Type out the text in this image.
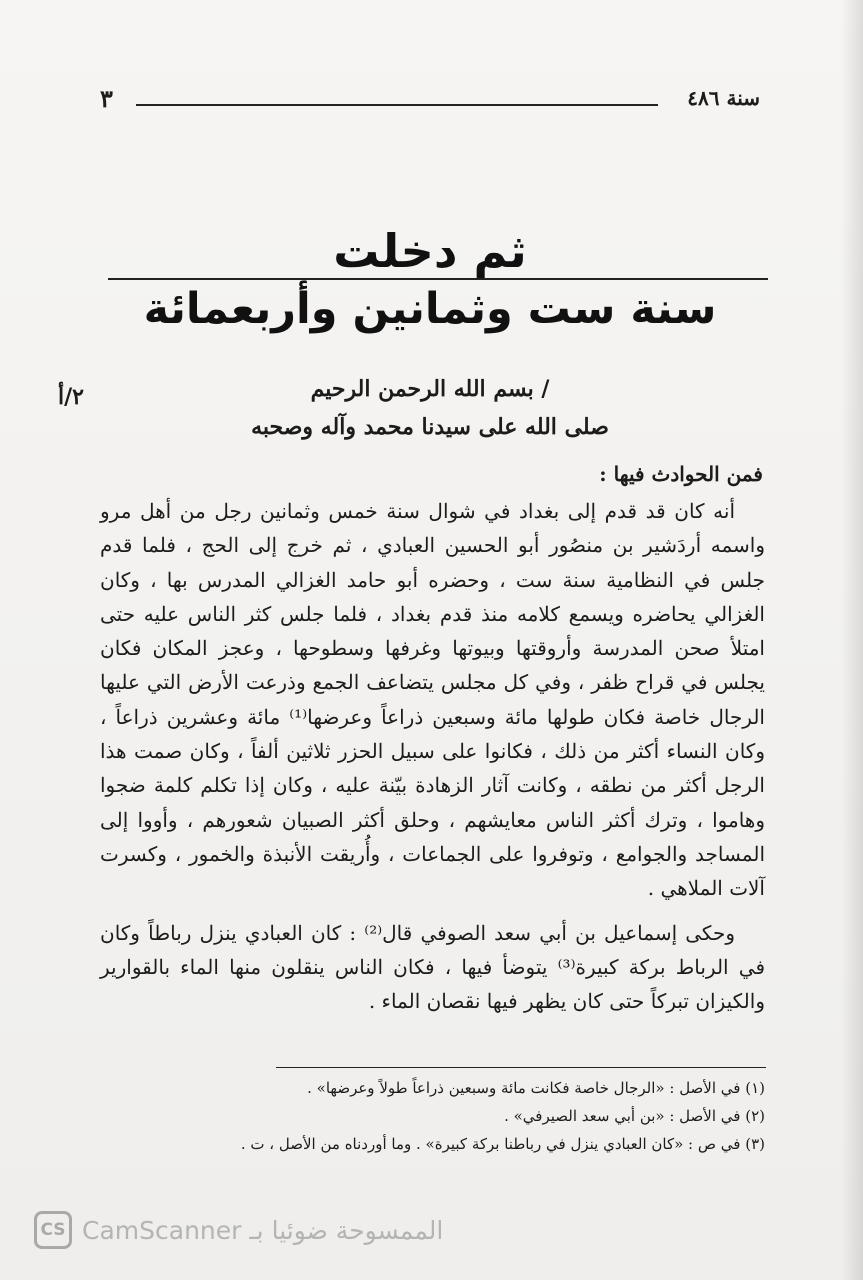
سنة ٤٨٦
٣
ثم دخلت
سنة ست وثمانين وأربعمائة
٢/أ	/ بسم الله الرحمن الرحيم
صلى الله على سيدنا محمد وآله وصحبه
فمن الحوادث فيها :

أنه كان قد قدم إلى بغداد في شوال سنة خمس وثمانين رجل من أهل مرو واسمه أردَشير بن منصُور أبو الحسين العبادي ، ثم خرج إلى الحج ، فلما قدم جلس في النظامية سنة ست ، وحضره أبو حامد الغزالي المدرس بها ، وكان الغزالي يحاضره ويسمع كلامه منذ قدم بغداد ، فلما جلس كثر الناس عليه حتى امتلأ صحن المدرسة وأروقتها وبيوتها وغرفها وسطوحها ، وعجز المكان فكان يجلس في قراح ظفر ، وفي كل مجلس يتضاعف الجمع وذرعت الأرض التي عليها الرجال خاصة فكان طولها مائة وسبعين ذراعاً وعرضها⁽¹⁾ مائة وعشرين ذراعاً ، وكان النساء أكثر من ذلك ، فكانوا على سبيل الحزر ثلاثين ألفاً ، وكان صمت هذا الرجل أكثر من نطقه ، وكانت آثار الزهادة بيّنة عليه ، وكان إذا تكلم كلمة ضجوا وهاموا ، وترك أكثر الناس معايشهم ، وحلق أكثر الصبيان شعورهم ، وأووا إلى المساجد والجوامع ، وتوفروا على الجماعات ، وأُريقت الأنبذة والخمور ، وكسرت آلات الملاهي .

وحكى إسماعيل بن أبي سعد الصوفي قال⁽²⁾ : كان العبادي ينزل رباطاً وكان في الرباط بركة كبيرة⁽³⁾ يتوضأ فيها ، فكان الناس ينقلون منها الماء بالقوارير والكيزان تبركاً حتى كان يظهر فيها نقصان الماء .

(١) في الأصل : «الرجال خاصة فكانت مائة وسبعين ذراعاً طولاً وعرضها» .
(٢) في الأصل : «بن أبي سعد الصيرفي» .
(٣) في ص : «كان العبادي ينزل في رباطنا بركة كبيرة» . وما أوردناه من الأصل ، ت .
CS CamScanner الممسوحة ضوئيا بـ
